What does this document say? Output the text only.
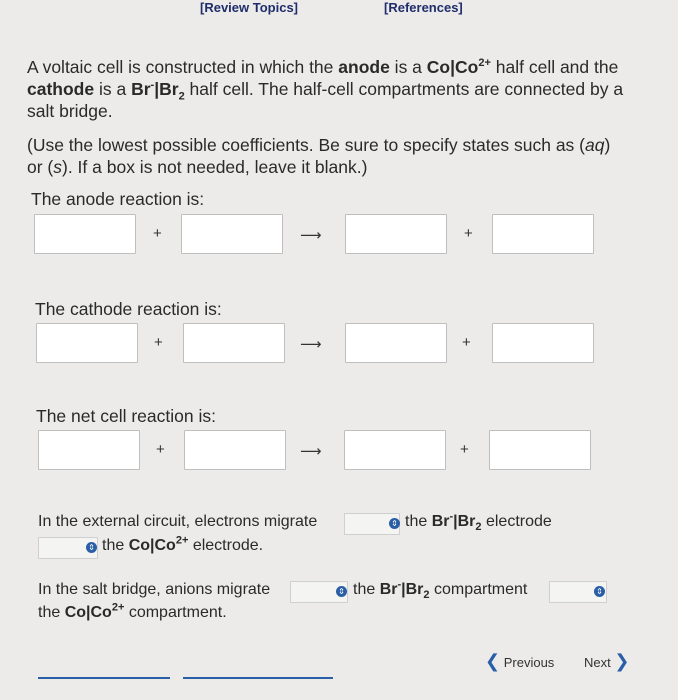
[Review Topics]	[References]
A voltaic cell is constructed in which the anode is a $Co|Co^{2+}$ half cell and the cathode is a $Br^-|Br_2$ half cell. The half-cell compartments are connected by a salt bridge.
(Use the lowest possible coefficients. Be sure to specify states such as (aq) or (s). If a box is not needed, leave it blank.)
The anode reaction is:
+	⟶	+
The cathode reaction is:
+	⟶	+
The net cell reaction is:
+	⟶	+
In the external circuit, electrons migrate	⇕ the $Br^-|Br_2$ electrode
⇕ the $Co|Co^{2+}$ electrode.
In the salt bridge, anions migrate	⇕ the $Br^-|Br_2$ compartment	⇕
the $Co|Co^{2+}$ compartment.
❮ Previous Next ❯
